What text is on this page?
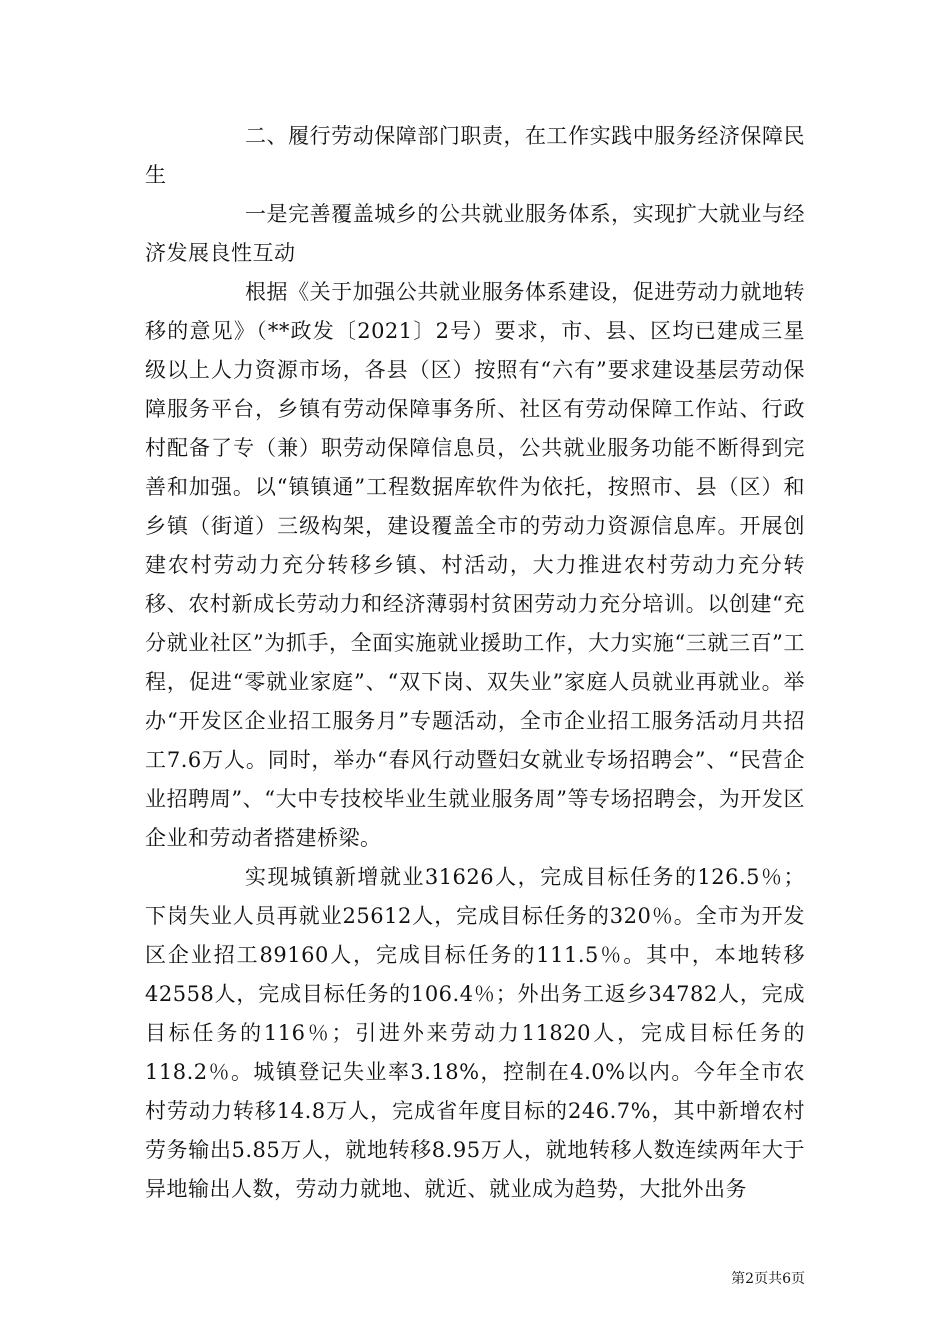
二、履行劳动保障部门职责，在工作实践中服务经济保障民生

一是完善覆盖城乡的公共就业服务体系，实现扩大就业与经济发展良性互动

根据《关于加强公共就业服务体系建设，促进劳动力就地转移的意见》（**政发〔2021〕2号）要求，市、县、区均已建成三星级以上人力资源市场，各县（区）按照有“六有”要求建设基层劳动保障服务平台，乡镇有劳动保障事务所、社区有劳动保障工作站、行政村配备了专（兼）职劳动保障信息员，公共就业服务功能不断得到完善和加强。以“镇镇通”工程数据库软件为依托，按照市、县（区）和乡镇（街道）三级构架，建设覆盖全市的劳动力资源信息库。开展创建农村劳动力充分转移乡镇、村活动，大力推进农村劳动力充分转移、农村新成长劳动力和经济薄弱村贫困劳动力充分培训。以创建“充分就业社区”为抓手，全面实施就业援助工作，大力实施“三就三百”工程，促进“零就业家庭”、“双下岗、双失业”家庭人员就业再就业。举办“开发区企业招工服务月”专题活动，全市企业招工服务活动月共招工7.6万人。同时，举办“春风行动暨妇女就业专场招聘会”、“民营企业招聘周”、“大中专技校毕业生就业服务周”等专场招聘会，为开发区企业和劳动者搭建桥梁。

实现城镇新增就业31626人，完成目标任务的126.5％；下岗失业人员再就业25612人，完成目标任务的320％。全市为开发区企业招工89160人，完成目标任务的111.5％。其中，本地转移42558人，完成目标任务的106.4％；外出务工返乡34782人，完成目标任务的116％；引进外来劳动力11820人，完成目标任务的118.2％。城镇登记失业率3.18%，控制在4.0%以内。今年全市农村劳动力转移14.8万人，完成省年度目标的246.7%，其中新增农村劳务输出5.85万人，就地转移8.95万人，就地转移人数连续两年大于异地输出人数，劳动力就地、就近、就业成为趋势，大批外出务

第2页共6页
